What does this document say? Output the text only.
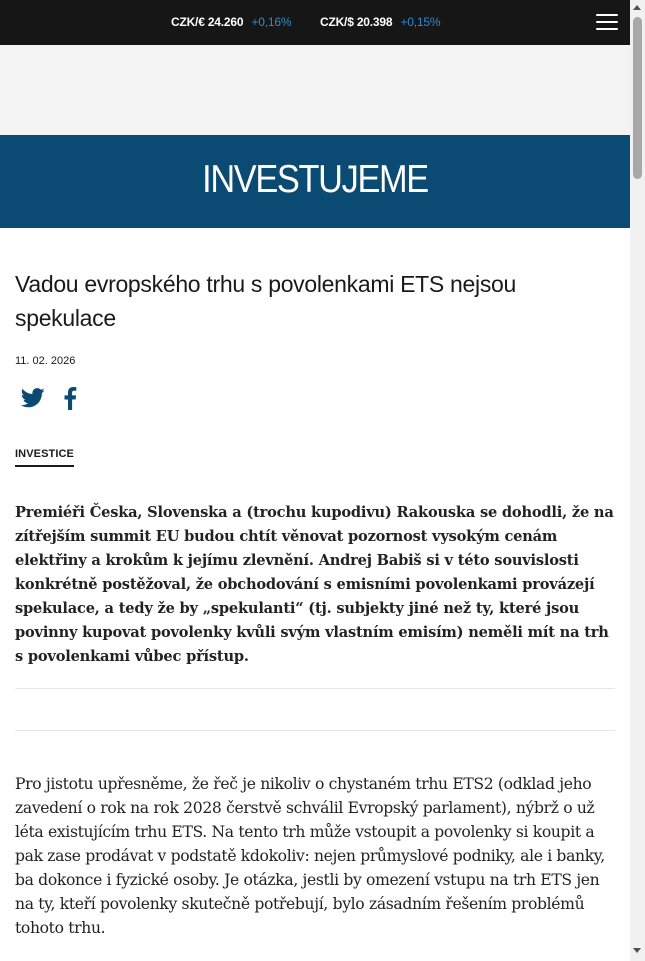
CZK/€ 24.260 +0,16% CZK/$ 20.398 +0,15%
INVESTUJEME
Vadou evropského trhu s povolenkami ETS nejsou spekulace
11. 02. 2026
INVESTICE

Premiéři Česka, Slovenska a (trochu kupodivu) Rakouska se dohodli, že na zítřejším summit EU budou chtít věnovat pozornost vysokým cenám elektřiny a krokům k jejímu zlevnění. Andrej Babiš si v této souvislosti konkrétně postěžoval, že obchodování s emisními povolenkami provázejí spekulace, a tedy že by „spekulanti“ (tj. subjekty jiné než ty, které jsou povinny kupovat povolenky kvůli svým vlastním emisím) neměli mít na trh s povolenkami vůbec přístup.

Pro jistotu upřesněme, že řeč je nikoliv o chystaném trhu ETS2 (odklad jeho zavedení o rok na rok 2028 čerstvě schválil Evropský parlament), nýbrž o už léta existujícím trhu ETS. Na tento trh může vstoupit a povolenky si koupit a pak zase prodávat v podstatě kdokoliv: nejen průmyslové podniky, ale i banky, ba dokonce i fyzické osoby. Je otázka, jestli by omezení vstupu na trh ETS jen na ty, kteří povolenky skutečně potřebují, bylo zásadním řešením problémů tohoto trhu.
